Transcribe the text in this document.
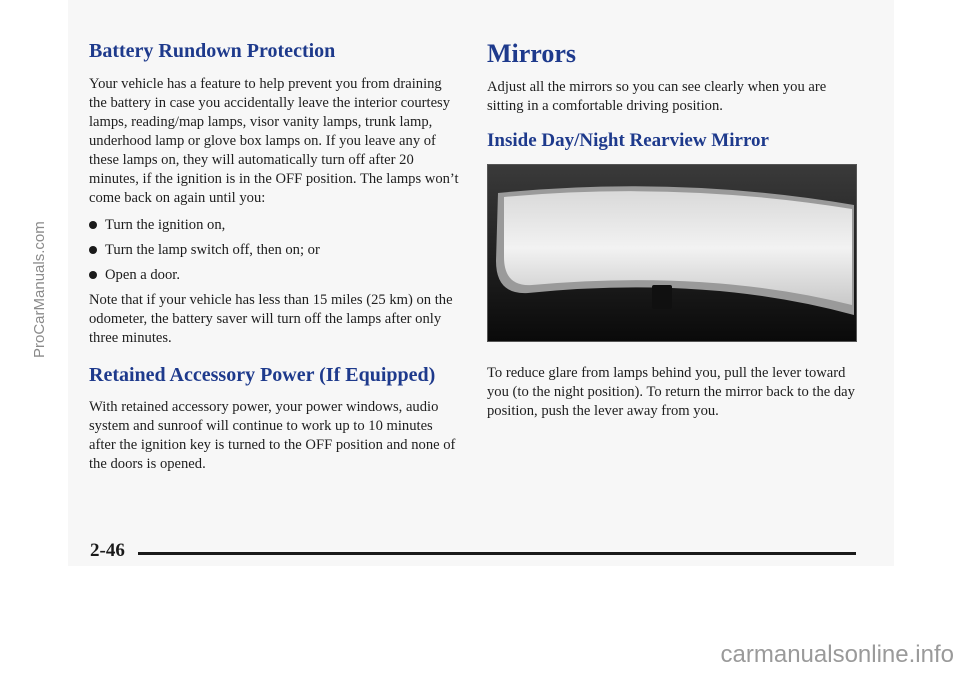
Battery Rundown Protection

Your vehicle has a feature to help prevent you from draining the battery in case you accidentally leave the interior courtesy lamps, reading/map lamps, visor vanity lamps, trunk lamp, underhood lamp or glove box lamps on. If you leave any of these lamps on, they will automatically turn off after 20 minutes, if the ignition is in the OFF position. The lamps won’t come back on again until you:

Turn the ignition on,
Turn the lamp switch off, then on; or
Open a door.

Note that if your vehicle has less than 15 miles (25 km) on the odometer, the battery saver will turn off the lamps after only three minutes.

Retained Accessory Power (If Equipped)

With retained accessory power, your power windows, audio system and sunroof will continue to work up to 10 minutes after the ignition key is turned to the OFF position and none of the doors is opened.

Mirrors

Adjust all the mirrors so you can see clearly when you are sitting in a comfortable driving position.

Inside Day/Night Rearview Mirror

To reduce glare from lamps behind you, pull the lever toward you (to the night position). To return the mirror back to the day position, push the lever away from you.

2-46
ProCarManuals.com
carmanualsonline.info
